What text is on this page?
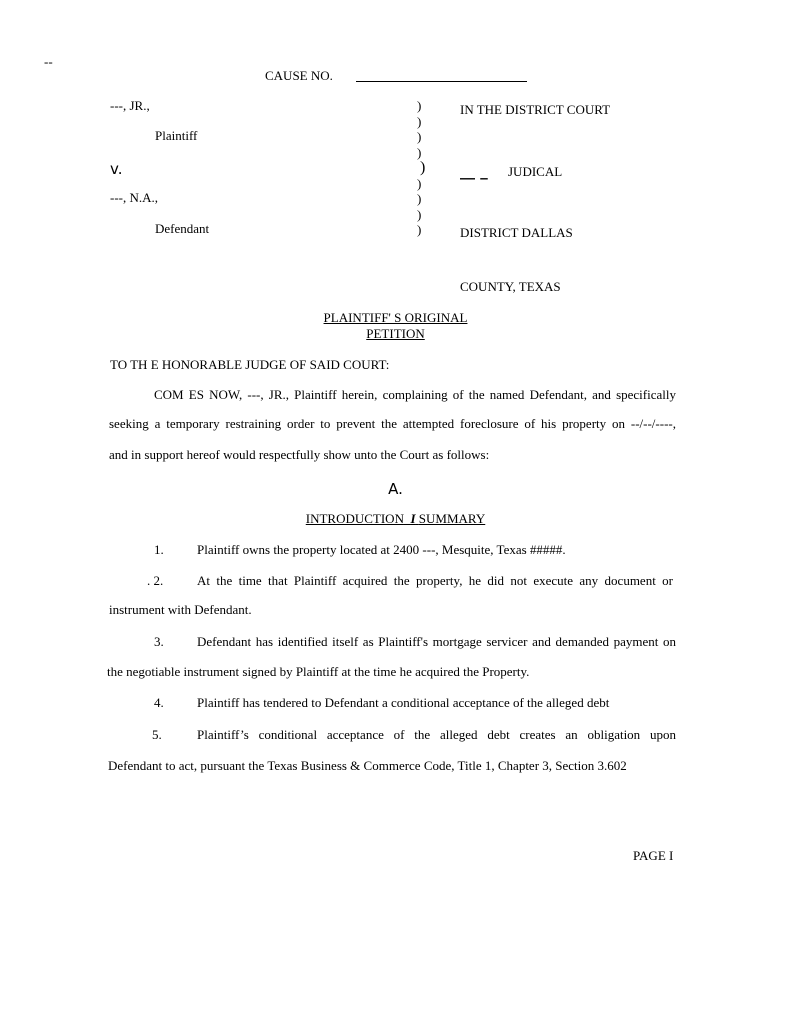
--
CAUSE NO.
---, JR.,
Plaintiff
v.
---, N.A.,
Defendant
)
)
)
)
)
)
)
)
)
IN THE DISTRICT COURT
__ _ JUDICAL
DISTRICT DALLAS
COUNTY, TEXAS
PLAINTIFF' S ORIGINAL
PETITION
TO TH E HONORABLE JUDGE OF SAID COURT:
COM ES NOW, ---, JR., Plaintiff herein, complaining of the named Defendant, and specifically
seeking a temporary restraining order to prevent the attempted foreclosure of his property on --/--/----,
and in support hereof would respectfully show unto the Court as follows:
A.
INTRODUCTION I SUMMARY
1.	Plaintiff owns the property located at 2400 ---, Mesquite, Texas #####.
. 2.	At the time that Plaintiff acquired the property, he did not execute any document or
instrument with Defendant.
3.	Defendant has identified itself as Plaintiff's mortgage servicer and demanded payment on
the negotiable instrument signed by Plaintiff at the time he acquired the Property.
4.	Plaintiff has tendered to Defendant a conditional acceptance of the alleged debt
5.	Plaintiff’s conditional acceptance of the alleged debt creates an obligation upon
Defendant to act, pursuant the Texas Business & Commerce Code, Title 1, Chapter 3, Section 3.602
PAGE I
